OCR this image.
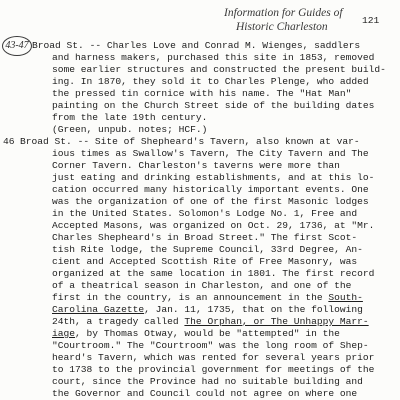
Information for Guides of
Historic Charleston
121
43-47 Broad St. -- Charles Love and Conrad M. Wienges, saddlers
and harness makers, purchased this site in 1853, removed
some earlier structures and constructed the present build-
ing. In 1870, they sold it to Charles Plenge, who added
the pressed tin cornice with his name. The "Hat Man"
painting on the Church Street side of the building dates
from the late 19th century.
(Green, unpub. notes; HCF.)
46 Broad St. -- Site of Shepheard's Tavern, also known at var-
ious times as Swallow's Tavern, The City Tavern and The
Corner Tavern. Charleston's taverns were more than
just eating and drinking establishments, and at this lo-
cation occurred many historically important events. One
was the organization of one of the first Masonic lodges
in the United States. Solomon's Lodge No. 1, Free and
Accepted Masons, was organized on Oct. 29, 1736, at "Mr.
Charles Shepheard's in Broad Street." The first Scot-
tish Rite lodge, the Supreme Council, 33rd Degree, An-
cient and Accepted Scottish Rite of Free Masonry, was
organized at the same location in 1801. The first record
of a theatrical season in Charleston, and one of the
first in the country, is an announcement in the South-
Carolina Gazette, Jan. 11, 1735, that on the following
24th, a tragedy called The Orphan, or The Unhappy Marr-
iage, by Thomas Otway, would be "attempted" in the
"Courtroom." The "Courtroom" was the long room of Shep-
heard's Tavern, which was rented for several years prior
to 1738 to the provincial government for meetings of the
court, since the Province had no suitable building and
the Governor and Council could not agree on where one
